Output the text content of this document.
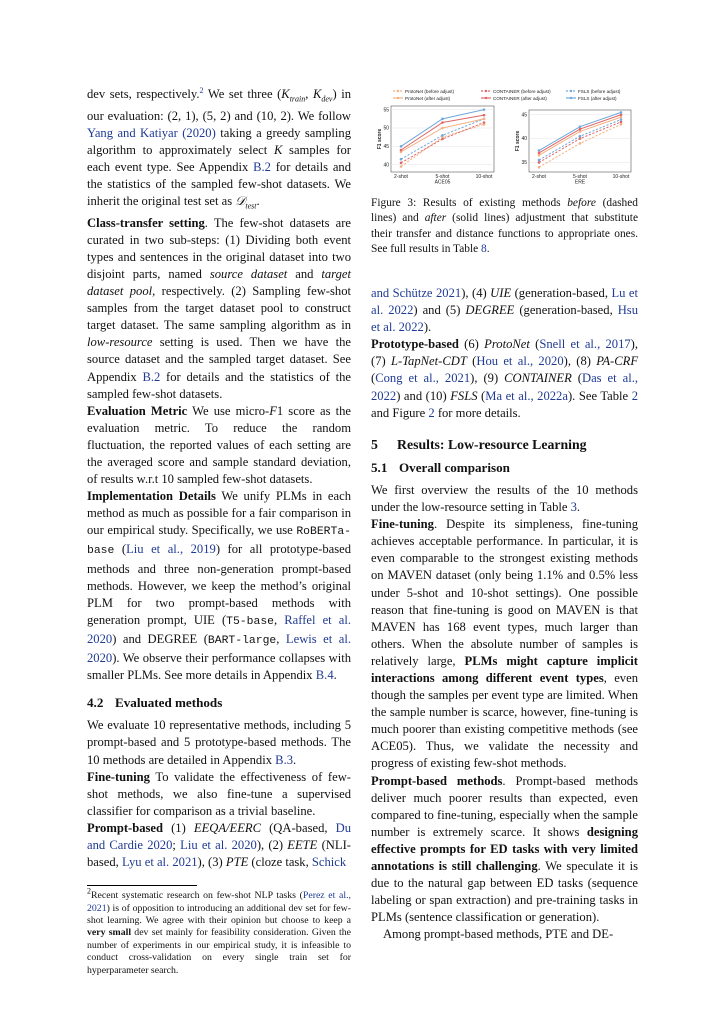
dev sets, respectively.$^2$ We set three ($K_{train}$, $K_{dev}$) in our evaluation: (2, 1), (5, 2) and (10, 2). We follow Yang and Katiyar (2020) taking a greedy sampling algorithm to approximately select K samples for each event type. See Appendix B.2 for details and the statistics of the sampled few-shot datasets. We inherit the original test set as 𝒟$_{test}$.

Class-transfer setting. The few-shot datasets are curated in two sub-steps: (1) Dividing both event types and sentences in the original dataset into two disjoint parts, named source dataset and target dataset pool, respectively. (2) Sampling few-shot samples from the target dataset pool to construct target dataset. The same sampling algorithm as in low-resource setting is used. Then we have the source dataset and the sampled target dataset. See Appendix B.2 for details and the statistics of the sampled few-shot datasets.

Evaluation Metric We use micro-F1 score as the evaluation metric. To reduce the random fluctuation, the reported values of each setting are the averaged score and sample standard deviation, of results w.r.t 10 sampled few-shot datasets.

Implementation Details We unify PLMs in each method as much as possible for a fair comparison in our empirical study. Specifically, we use RoBERTa-base (Liu et al., 2019) for all prototype-based methods and three non-generation prompt-based methods. However, we keep the method’s original PLM for two prompt-based methods with generation prompt, UIE (T5-base, Raffel et al. 2020) and DEGREE (BART-large, Lewis et al. 2020). We observe their performance collapses with smaller PLMs. See more details in Appendix B.4.

4.2 Evaluated methods

We evaluate 10 representative methods, including 5 prompt-based and 5 prototype-based methods. The 10 methods are detailed in Appendix B.3.

Fine-tuning To validate the effectiveness of few-shot methods, we also fine-tune a supervised classifier for comparison as a trivial baseline.

Prompt-based (1) EEQA/EERC (QA-based, Du and Cardie 2020; Liu et al. 2020), (2) EETE (NLI-based, Lyu et al. 2021), (3) PTE (cloze task, Schick

$^2$Recent systematic research on few-shot NLP tasks (Perez et al., 2021) is of opposition to introducing an additional dev set for few-shot learning. We agree with their opinion but choose to keep a very small dev set mainly for feasibility consideration. Given the number of experiments in our empirical study, it is infeasible to conduct cross-validation on every single train set for hyperparameter search.

ProtoNet (before adjust)	CONTAINER (before adjust)	FSLS (before adjust)
ProtoNet (after adjust)	CONTAINER (after adjust)	FSLS (after adjust)
40
45
50
55
F1 score
2-shot	5-shot	10-shot
ACE05
35
40
45
F1 score
2-shot	5-shot	10-shot
ERE

Figure 3: Results of existing methods before (dashed lines) and after (solid lines) adjustment that substitute their transfer and distance functions to appropriate ones. See full results in Table 8.

and Schütze 2021), (4) UIE (generation-based, Lu et al. 2022) and (5) DEGREE (generation-based, Hsu et al. 2022).

Prototype-based (6) ProtoNet (Snell et al., 2017), (7) L-TapNet-CDT (Hou et al., 2020), (8) PA-CRF (Cong et al., 2021), (9) CONTAINER (Das et al., 2022) and (10) FSLS (Ma et al., 2022a). See Table 2 and Figure 2 for more details.

5 Results: Low-resource Learning
5.1 Overall comparison

We first overview the results of the 10 methods under the low-resource setting in Table 3.

Fine-tuning. Despite its simpleness, fine-tuning achieves acceptable performance. In particular, it is even comparable to the strongest existing methods on MAVEN dataset (only being 1.1% and 0.5% less under 5-shot and 10-shot settings). One possible reason that fine-tuning is good on MAVEN is that MAVEN has 168 event types, much larger than others. When the absolute number of samples is relatively large, PLMs might capture implicit interactions among different event types, even though the samples per event type are limited. When the sample number is scarce, however, fine-tuning is much poorer than existing competitive methods (see ACE05). Thus, we validate the necessity and progress of existing few-shot methods.

Prompt-based methods. Prompt-based methods deliver much poorer results than expected, even compared to fine-tuning, especially when the sample number is extremely scarce. It shows designing effective prompts for ED tasks with very limited annotations is still challenging. We speculate it is due to the natural gap between ED tasks (sequence labeling or span extraction) and pre-training tasks in PLMs (sentence classification or generation).

Among prompt-based methods, PTE and DE-
